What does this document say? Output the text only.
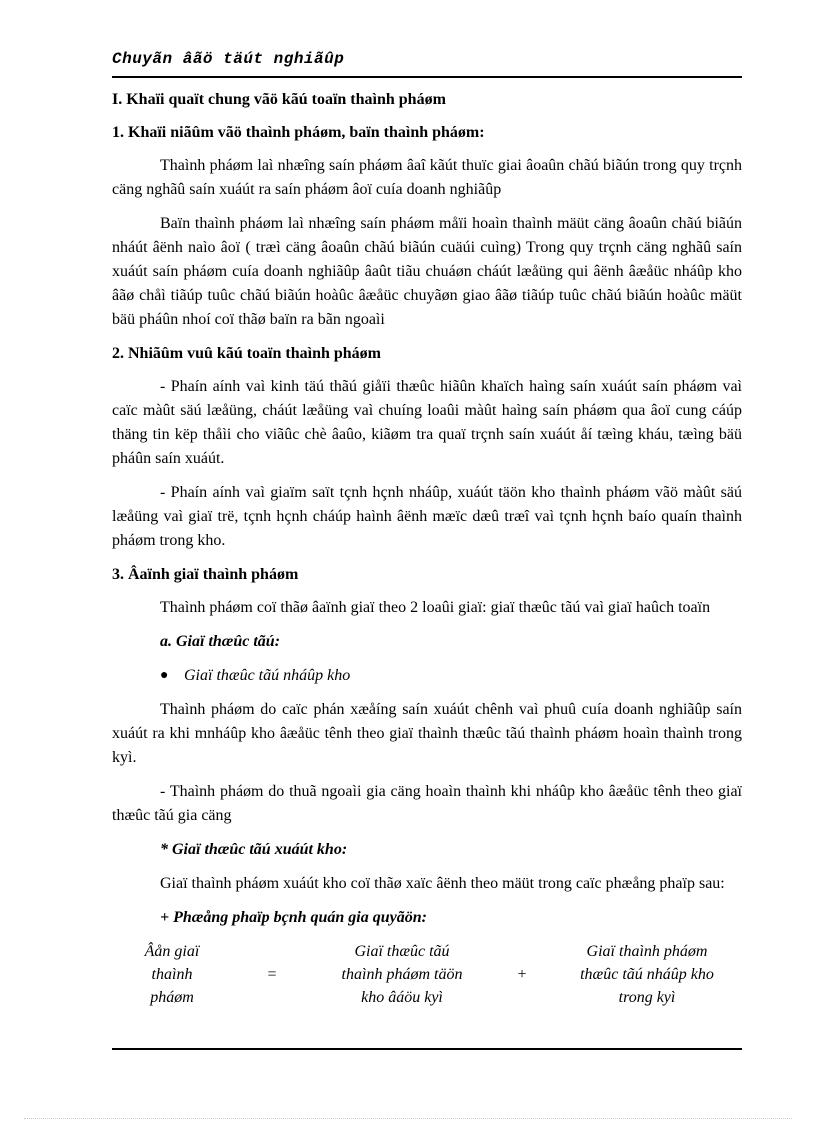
Chuyãn âãö täút nghiãûp
I. Khaïi quaït chung vãö kãú toaïn thaình pháøm
1. Khaïi niãûm vãö thaình pháøm, baïn thaình pháøm:

Thaình pháøm laì nhæîng saín pháøm âaî kãút thuïc giai âoaûn chãú biãún trong quy trçnh cäng nghãû saín xuáút ra saín pháøm âoï cuía doanh nghiãûp

Baïn thaình pháøm laì nhæîng saín pháøm måïi hoaìn thaình mäüt cäng âoaûn chãú biãún nháút âënh naìo âoï ( træì cäng âoaûn chãú biãún cuäúi cuìng) Trong quy trçnh cäng nghãû saín xuáút saín pháøm cuía doanh nghiãûp âaût tiãu chuáøn cháút læåüng qui âënh âæåüc nháûp kho âãø chåì tiãúp tuûc chãú biãún hoàûc âæåüc chuyãøn giao âãø tiãúp tuûc chãú biãún hoàûc mäüt bäü pháûn nhoí coï thãø baïn ra bãn ngoaìi

2. Nhiãûm vuû kãú toaïn thaình pháøm

- Phaín aính vaì kinh täú thãú giåïi thæûc hiãûn khaïch haìng saín xuáút saín pháøm vaì caïc màût säú læåüng, cháút læåüng vaì chuíng loaûi màût haìng saín pháøm qua âoï cung cáúp thäng tin këp thåìi cho viãûc chè âaûo, kiãøm tra quaï trçnh saín xuáút åí tæìng kháu, tæìng bäü pháûn saín xuáút.

- Phaín aính vaì giaïm saït tçnh hçnh nháûp, xuáút täön kho thaình pháøm vãö màût säú læåüng vaì giaï trë, tçnh hçnh cháúp haình âënh mæïc dæû træî vaì tçnh hçnh baío quaín thaình pháøm trong kho.

3. Âaïnh giaï thaình pháøm

Thaình pháøm coï thãø âaïnh giaï theo 2 loaûi giaï: giaï thæûc tãú vaì giaï haûch toaïn

a. Giaï thæûc tãú:
● Giaï thæûc tãú nháûp kho

Thaình pháøm do caïc phán xæåíng saín xuáút chênh vaì phuû cuía doanh nghiãûp saín xuáút ra khi mnháûp kho âæåüc tênh theo giaï thaình thæûc tãú thaình pháøm hoaìn thaình trong kyì.

- Thaình pháøm do thuã ngoaìi gia cäng hoaìn thaình khi nháûp kho âæåüc tênh theo giaï thæûc tãú gia cäng

* Giaï thæûc tãú xuáút kho:

Giaï thaình pháøm xuáút kho coï thãø xaïc âënh theo mäüt trong caïc phæång phaïp sau:

+ Phæång phaïp bçnh quán gia quyãön:
Âån giaï
thaình
pháøm
=
Giaï thæûc tãú
thaình pháøm täön
kho âáöu kyì
+
Giaï thaình pháøm
thæûc tãú nháûp kho
trong kyì
